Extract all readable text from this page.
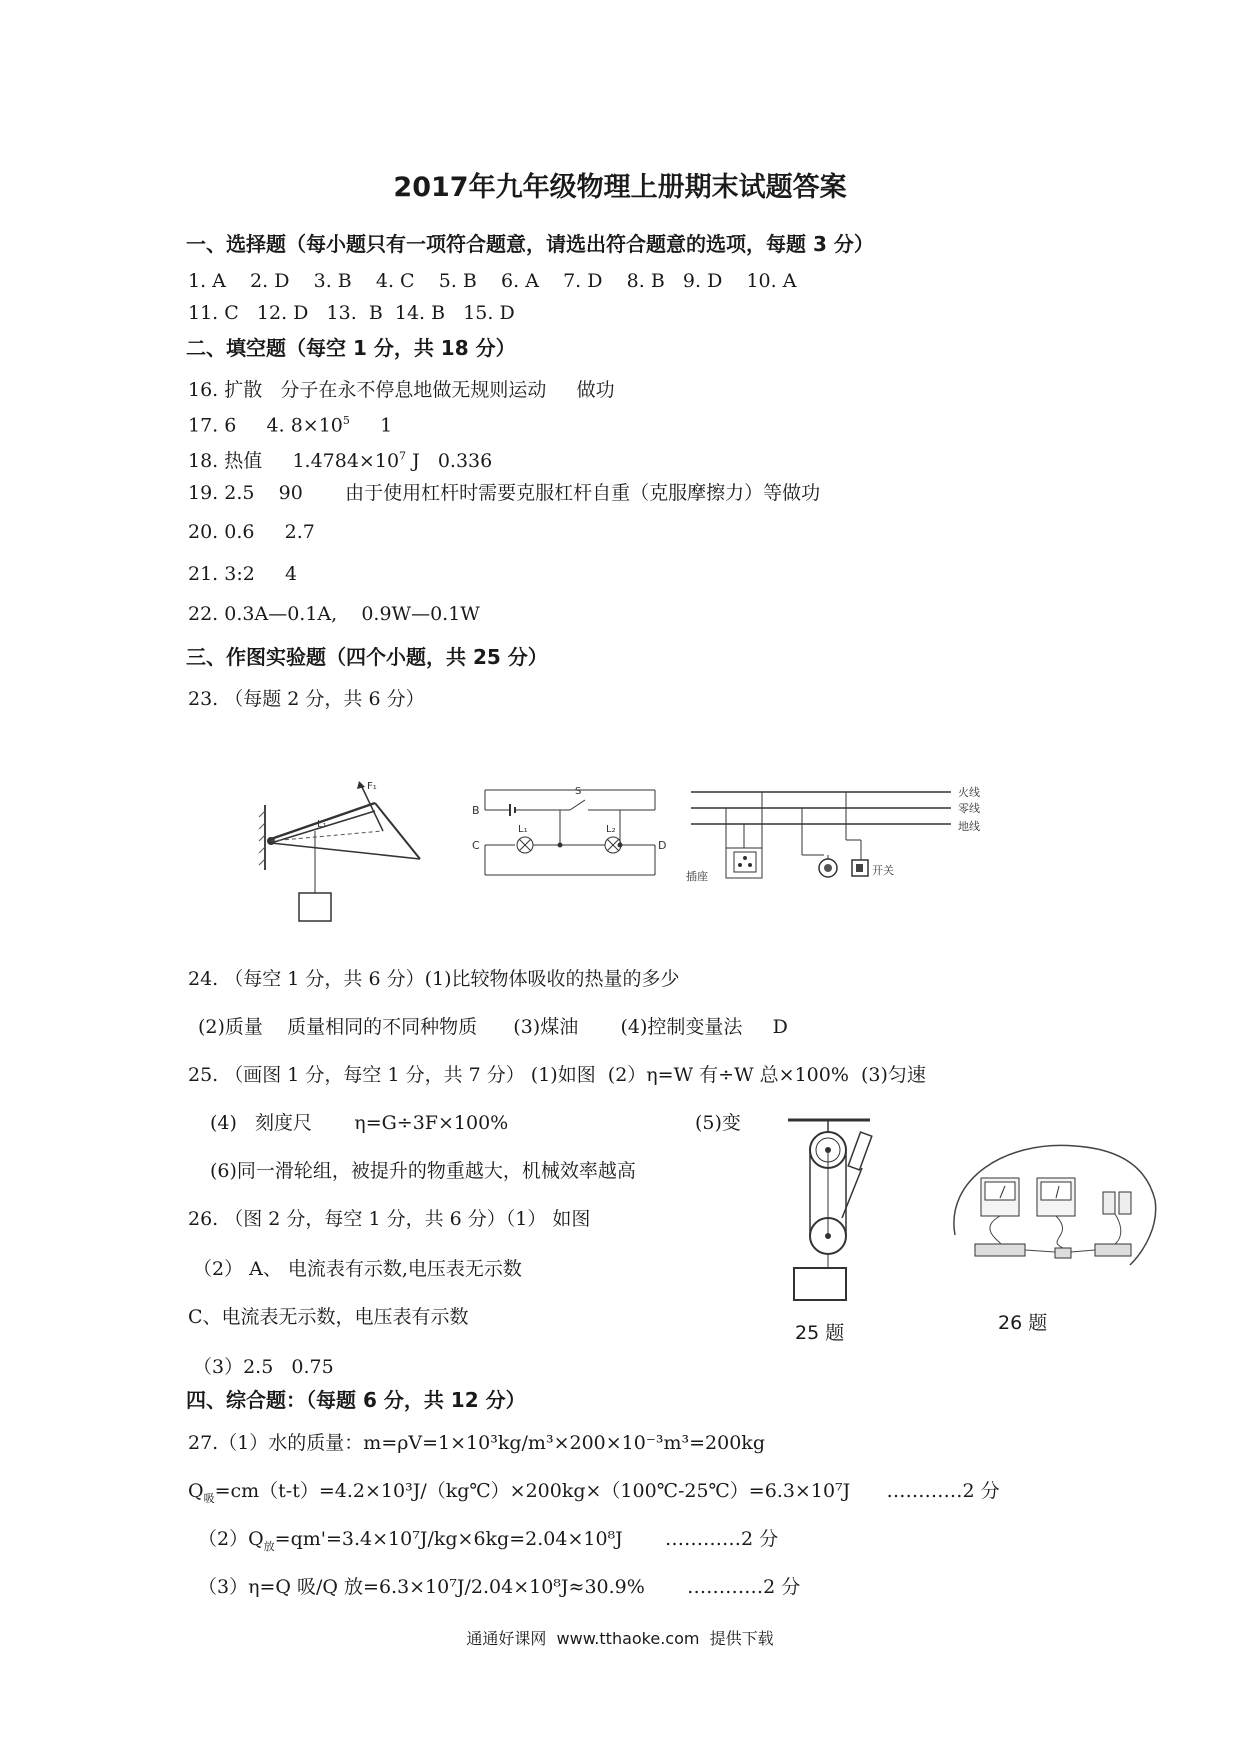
2017年九年级物理上册期末试题答案
一、选择题（每小题只有一项符合题意，请选出符合题意的选项，每题 3 分）
1. A    2. D    3. B    4. C    5. B    6. A    7. D    8. B   9. D    10. A
11. C   12. D   13.  B  14. B   15. D
二、填空题（每空 1 分，共 18 分）
16. 扩散   分子在永不停息地做无规则运动     做功
17. 6     4. $8\times 10^5$     1
18. 热值     $1.4784\times 10^7$ J   0.336
19. 2.5    90       由于使用杠杆时需要克服杠杆自重（克服摩擦力）等做功
20. 0.6     2.7
21. 3:2     4
22. 0.3A—0.1A,    0.9W—0.1W
三、作图实验题（四个小题，共 25 分）
23. （每题 2 分，共 6 分）
F₁
L₁
B
S
L₁	L₂
C	D
火线
零线
地线
插座	开关
24. （每空 1 分，共 6 分）(1)比较物体吸收的热量的多少
(2)质量    质量相同的不同种物质      (3)煤油       (4)控制变量法     D
25. （画图 1 分，每空 1 分，共 7 分） (1)如图  (2）η=W 有÷W 总×100%  (3)匀速
(4)   刻度尺       η=G÷3F×100%	(5)变
(6)同一滑轮组，被提升的物重越大，机械效率越高
26. （图 2 分，每空 1 分，共 6 分）（1） 如图
（2） A、 电流表有示数,电压表无示数
C、电流表无示数，电压表有示数
（3）2.5   0.75
25 题	26 题
四、综合题：（每题 6 分，共 12 分）
27.（1）水的质量：m=ρV=1×10³kg/m³×200×10⁻³m³=200kg
$Q_吸=cm(t-t)=4.2\times 10^3J/(kg℃)\times 200kg\times(100℃-25℃)=6.3\times 10^7J$      …………2 分
$(2)Q_放=qm'=3.4\times 10^7J/kg\times 6kg=2.04\times 10^8J$       …………2 分
（3）η=Q 吸/Q 放=6.3×10⁷J/2.04×10⁸J≈30.9%       …………2 分
通通好课网  www.tthaoke.com  提供下载
